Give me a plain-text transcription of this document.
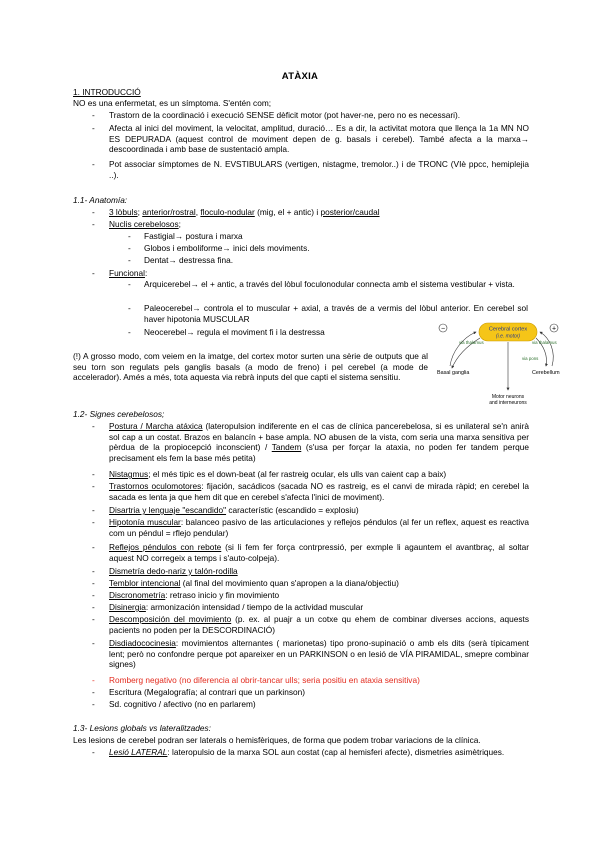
ATÀXIA
1. INTRODUCCIÓ
NO es una enfermetat, es un símptoma. S'entén com;
- Trastorn de la coordinació i execució SENSE dèficit motor (pot haver-ne, pero no es necessari).
- Afecta al inici del moviment, la velocitat, amplitud, duració… Es a dir, la activitat motora que llença la 1a MN NO ES DEPURADA (aquest control de moviment depen de g. basals i cerebel). També afecta a la marxa→ descoordinada i amb base de sustentació ampla.
- Pot associar símptomes de N. EVSTIBULARS (vertigen, nistagme, tremolor..) i de TRONC (VIè ppcc, hemiplejia ..).
1.1- Anatomía:
- 3 lòbuls; anterior/rostral, floculo-nodular (mig, el + antic) i posterior/caudal
- Nuclis cerebelosos;
- Fastigial→ postura i marxa
- Globos i emboliforme→ inici dels moviments.
- Dentat→ destressa fina.
- Funcional:
- Arquicerebel→ el + antic, a través del lòbul foculonodular connecta amb el sistema vestibular + vista.
- Paleocerebel→ controla el to muscular + axial, a través de a vermis del lòbul anterior. En cerebel sol haver hipotonia MUSCULAR
- Neocerebel→ regula el moviment fi i la destressa
(!) A grosso modo, com veiem en la imatge, del cortex motor surten una sèrie de outputs que al seu torn son regulats pels ganglis basals (a modo de freno) i pel cerebel (a mode de accelerador). Amés a més, tota aquesta via rebrà inputs del que capti el sistema sensitiu.
Cerebral cortex
(i.e. motor)
−	+
via thalamus	via thalamus
via pons
Basal ganglia	Cerebellum
Motor neurons
and interneurons
1.2- Signes cerebelosos;
- Postura / Marcha atáxica (lateropulsion indiferente en el cas de clínica pancerebelosa, si es unilateral se'n anirà sol cap a un costat. Brazos en balancín + base ampla. NO abusen de la vista, com seria una marxa sensitiva per pèrdua de la propiocepció inconscient) / Tandem (s'usa per forçar la ataxia, no poden fer tandem perque precisament els fem la base més petita)
- Nistagmus; el més tipic es el down-beat (al fer rastreig ocular, els ulls van caient cap a baix)
- Trastornos oculomotores: fijación, sacádicos (sacada NO es rastreig, es el canvi de mirada ràpid; en cerebel la sacada es lenta ja que hem dit que en cerebel s'afecta l'inici de moviment).
- Disartria y lenguaje "escandido" característic (escandido = explosiu)
- Hipotonía muscular: balanceo pasivo de las articulaciones y reflejos péndulos (al fer un reflex, aquest es reactiva com un péndul = rflejo pendular)
- Reflejos péndulos con rebote (si li fem fer força contrpressió, per exmple li agauntem el avantbraç, al soltar aquest NO corregeix a temps i s'auto-colpeja).
- Dismetría dedo-nariz y talón-rodilla
- Temblor intencional (al final del movimiento quan s'apropen a la diana/objectiu)
- Discronometría: retraso inicio y fin movimiento
- Disinergia: armonización intensidad / tiempo de la actividad muscular
- Descomposición del movimiento (p. ex. al puajr a un cotxe qu ehem de combinar diverses accions, aquests pacients no poden per la DESCORDINACIÓ)
- Disdiadococinesia: movimientos alternantes ( marionetas) tipo prono-supinació o amb els dits (serà típicament lent; però no confondre perque pot apareixer en un PARKINSON o en lesió de VÍA PIRAMIDAL, smepre combinar signes)
- Romberg negativo (no diferencia al obrir-tancar ulls; seria positiu en ataxia sensitiva)
- Escritura (Megalografía; al contrari que un parkinson)
- Sd. cognitivo / afectivo (no en parlarem)
1.3- Lesions globals vs lateralitzades:
Les lesions de cerebel podran ser laterals o hemisfèriques, de forma que podem trobar variacions de la clínica.
- Lesió LATERAL: lateropulsio de la marxa SOL aun costat (cap al hemisferi afecte), dismetries asimètriques.
